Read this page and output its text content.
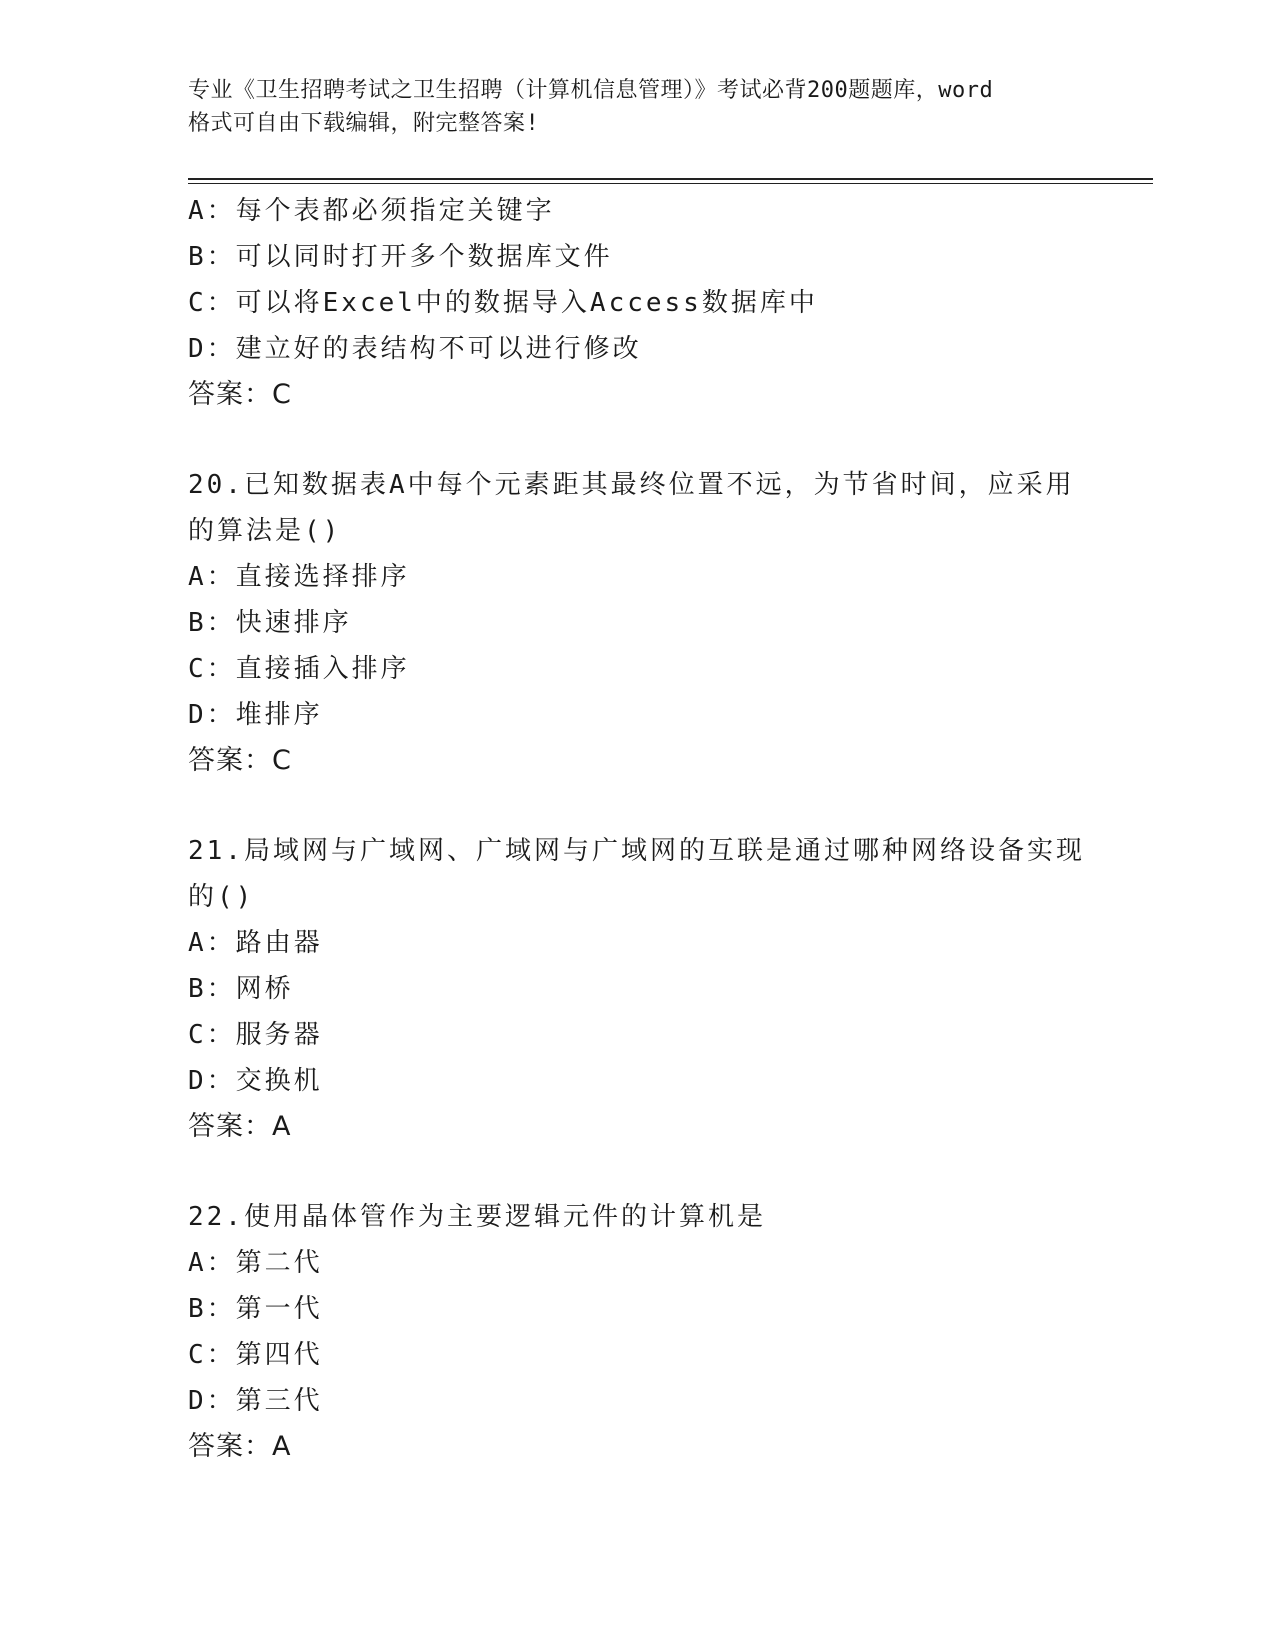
专业《卫生招聘考试之卫生招聘（计算机信息管理）》考试必背200题题库，word
格式可自由下载编辑，附完整答案!
A：每个表都必须指定关键字
B：可以同时打开多个数据库文件
C：可以将Excel中的数据导入Access数据库中
D：建立好的表结构不可以进行修改
答案：C
20.已知数据表A中每个元素距其最终位置不远，为节省时间，应采用
的算法是()
A：直接选择排序
B：快速排序
C：直接插入排序
D：堆排序
答案：C
21.局域网与广域网、广域网与广域网的互联是通过哪种网络设备实现
的()
A：路由器
B：网桥
C：服务器
D：交换机
答案：A
22.使用晶体管作为主要逻辑元件的计算机是
A：第二代
B：第一代
C：第四代
D：第三代
答案：A
